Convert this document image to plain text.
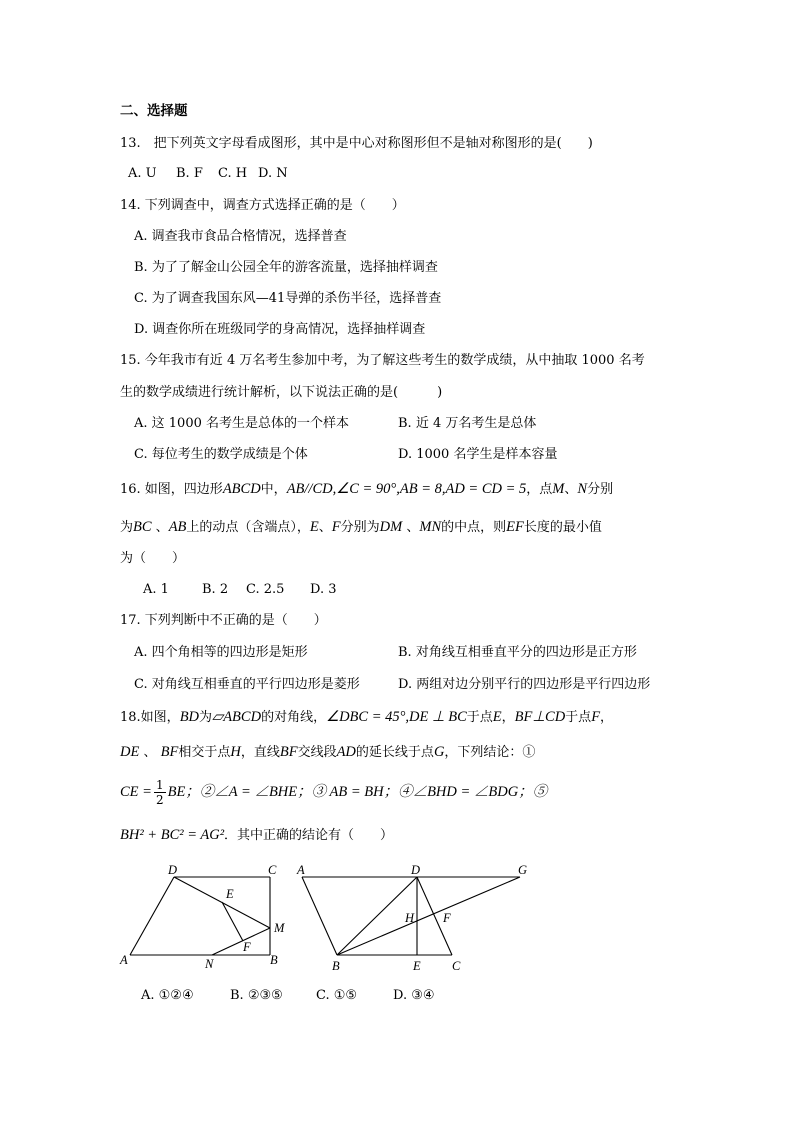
二、选择题
13.　把下列英文字母看成图形，其中是中心对称图形但不是轴对称图形的是(　　)
A. U B. F C. H D. N
14. 下列调查中，调查方式选择正确的是（　　）
A. 调查我市食品合格情况，选择普查
B. 为了了解金山公园全年的游客流量，选择抽样调查
C. 为了调查我国东风—41导弹的杀伤半径，选择普查
D. 调查你所在班级同学的身高情况，选择抽样调查
15. 今年我市有近 4 万名考生参加中考，为了解这些考生的数学成绩，从中抽取 1000 名考
生的数学成绩进行统计解析，以下说法正确的是(　　　)
A. 这 1000 名考生是总体的一个样本	B. 近 4 万名考生是总体
C. 每位考生的数学成绩是个体	D. 1000 名学生是样本容量
16. 如图，四边形ABCD中，AB//CD,∠C = 90°,AB = 8,AD = CD = 5，点M、N分别
为BC 、AB上的动点（含端点），E、F分别为DM 、MN的中点，则EF长度的最小值
为（　　）
A. 1	B. 2 C. 2.5 D. 3
17. 下列判断中不正确的是（　　）
A. 四个角相等的四边形是矩形	B. 对角线互相垂直平分的四边形是正方形
C. 对角线互相垂直的平行四边形是菱形	D. 两组对边分别平行的四边形是平行四边形
18.如图，BD为▱ABCD的对角线，∠DBC = 45°,DE ⊥ BC于点E，BF⊥CD于点F，
DE 、 BF相交于点H，直线BF交线段AD的延长线于点G，下列结论：①
CE = $\frac{1}{2}$ BE；②∠A = ∠BHE；③ AB = BH；④∠BHD = ∠BDG；⑤
BH² + BC² = AG²．其中正确的结论有（　　）
D	C
E
M
F
A	N	B
A	D	G
H F
B	E	C
A. ①②④	B. ②③⑤	C. ①⑤	D. ③④
